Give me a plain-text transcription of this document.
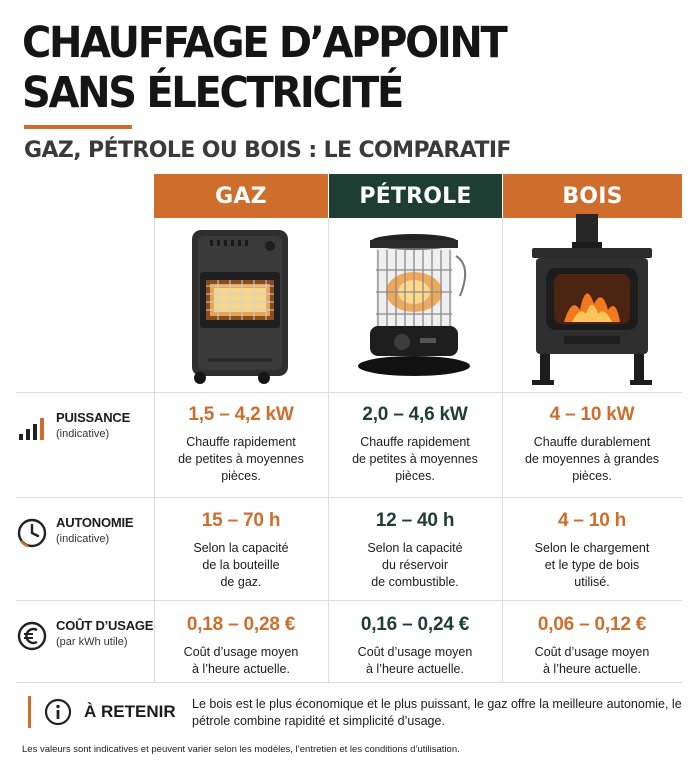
CHAUFFAGE D’APPOINT
SANS ÉLECTRICITÉ
GAZ, PÉTROLE OU BOIS : LE COMPARATIF
GAZ	PÉTROLE	BOIS
PUISSANCE
(indicative)
AUTONOMIE
(indicative)
COÛT D’USAGE
(par kWh utile)
1,5 – 4,2 kW
Chauffe rapidement
de petites à moyennes
pièces.
2,0 – 4,6 kW
Chauffe rapidement
de petites à moyennes
pièces.
4 – 10 kW
Chauffe durablement
de moyennes à grandes
pièces.
15 – 70 h
Selon la capacité
de la bouteille
de gaz.
12 – 40 h
Selon la capacité
du réservoir
de combustible.
4 – 10 h
Selon le chargement
et le type de bois
utilisé.
0,18 – 0,28 €
Coût d’usage moyen
à l’heure actuelle.
0,16 – 0,24 €
Coût d’usage moyen
à l’heure actuelle.
0,06 – 0,12 €
Coût d’usage moyen
à l’heure actuelle.
À RETENIR Le bois est le plus économique et le plus puissant, le gaz offre la meilleure autonomie, le pétrole combine rapidité et simplicité d’usage.
Les valeurs sont indicatives et peuvent varier selon les modèles, l’entretien et les conditions d’utilisation.
